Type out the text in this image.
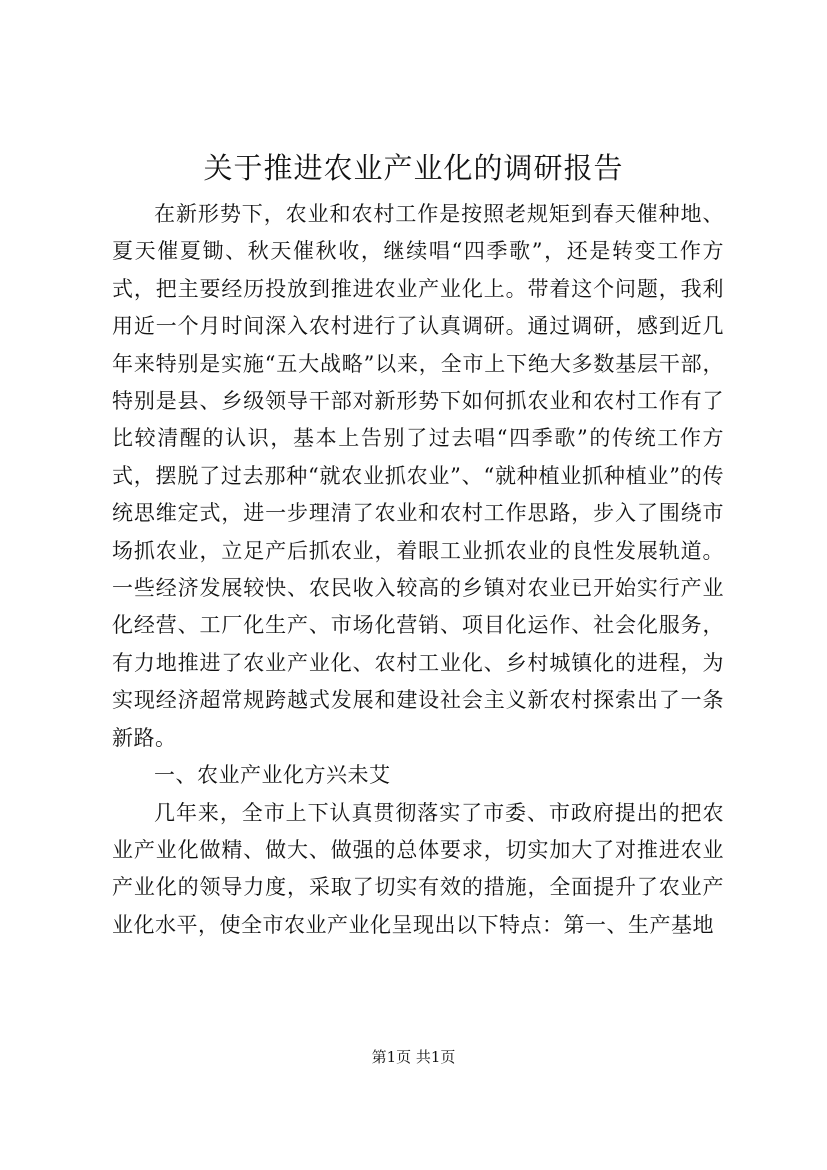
关于推进农业产业化的调研报告

在新形势下，农业和农村工作是按照老规矩到春天催种地、夏天催夏锄、秋天催秋收，继续唱“四季歌”，还是转变工作方式，把主要经历投放到推进农业产业化上。带着这个问题，我利用近一个月时间深入农村进行了认真调研。通过调研，感到近几年来特别是实施“五大战略”以来，全市上下绝大多数基层干部，特别是县、乡级领导干部对新形势下如何抓农业和农村工作有了比较清醒的认识，基本上告别了过去唱“四季歌”的传统工作方式，摆脱了过去那种“就农业抓农业”、“就种植业抓种植业”的传统思维定式，进一步理清了农业和农村工作思路，步入了围绕市场抓农业，立足产后抓农业，着眼工业抓农业的良性发展轨道。一些经济发展较快、农民收入较高的乡镇对农业已开始实行产业化经营、工厂化生产、市场化营销、项目化运作、社会化服务，有力地推进了农业产业化、农村工业化、乡村城镇化的进程，为实现经济超常规跨越式发展和建设社会主义新农村探索出了一条新路。

一、农业产业化方兴未艾

几年来，全市上下认真贯彻落实了市委、市政府提出的把农业产业化做精、做大、做强的总体要求，切实加大了对推进农业产业化的领导力度，采取了切实有效的措施，全面提升了农业产业化水平，使全市农业产业化呈现出以下特点：第一、生产基地

第1页 共1页
